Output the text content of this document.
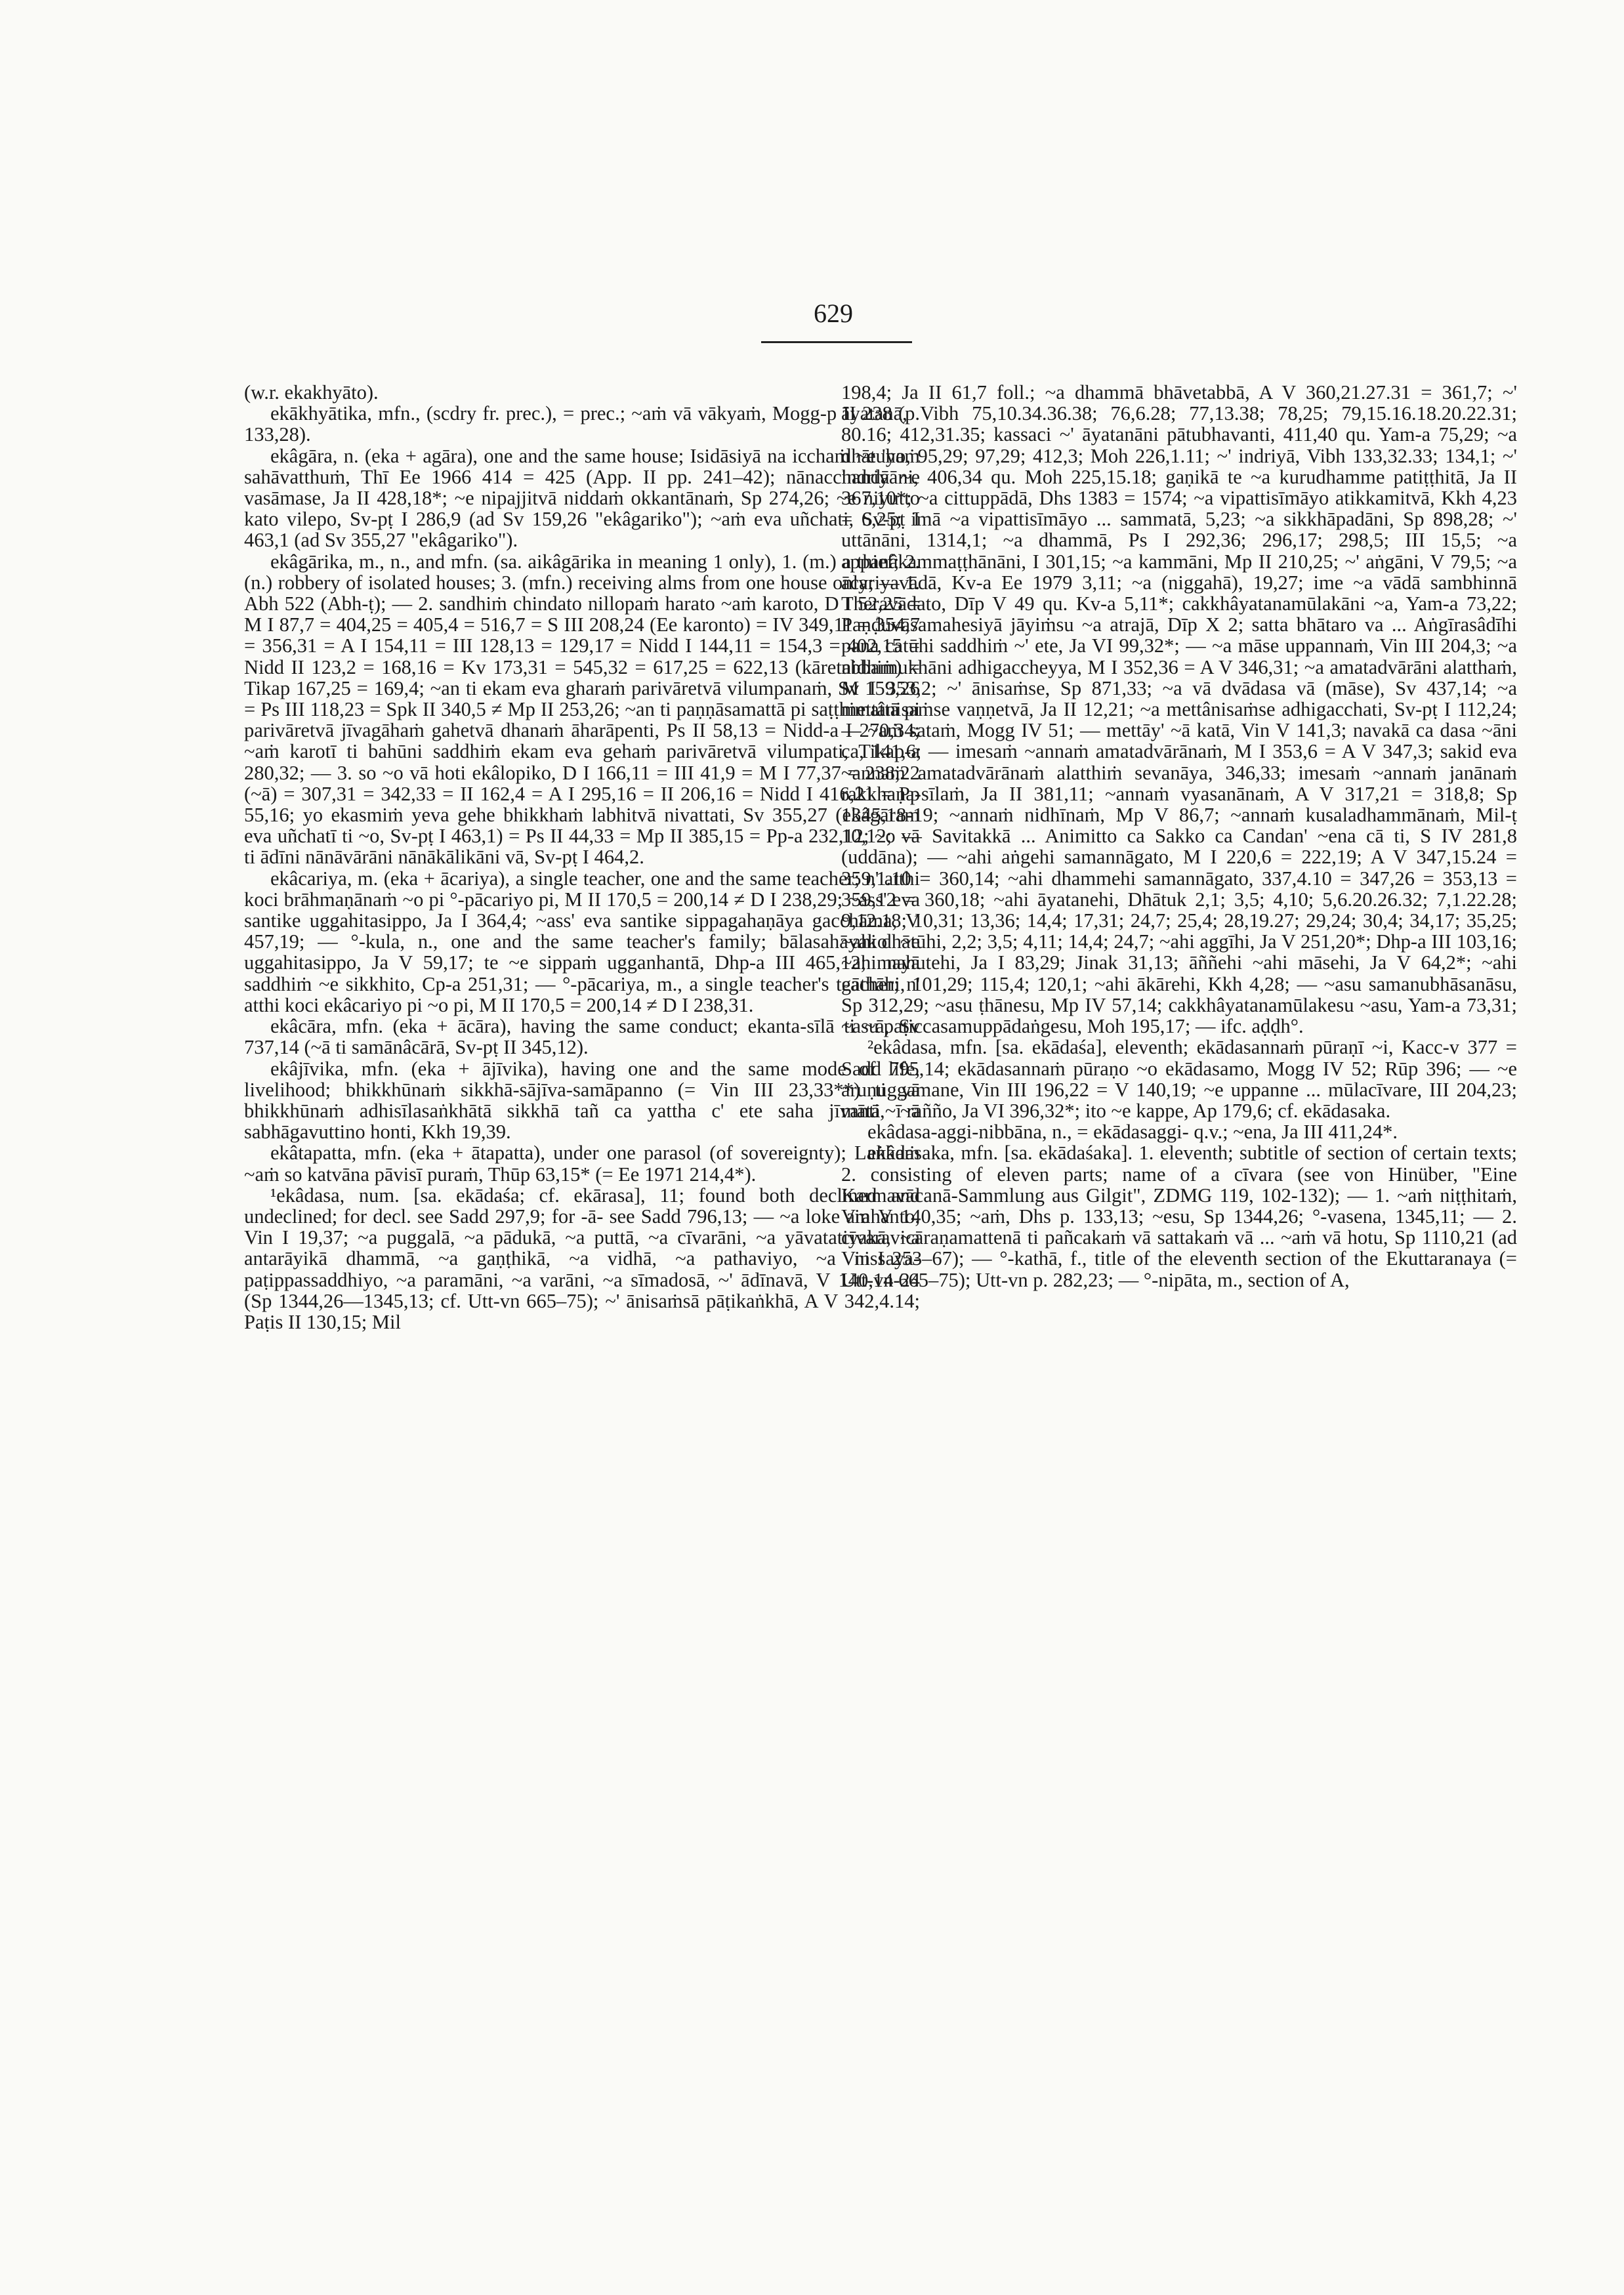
629

(w.r. ekakhyāto).

ekākhyātika, mfn., (scdry fr. prec.), = prec.; ~aṁ vā vākyaṁ, Mogg-p II 238 (p. 133,28).

ekâgāra, n. (eka + agāra), one and the same house; Isidāsiyā na icchaṁ ~e 'haṁ sahāvatthuṁ, Thī Ee 1966 414 = 425 (App. II pp. 241–42); nānacchandā ~e vasāmase, Ja II 428,18*; ~e nipajjitvā niddaṁ okkantānaṁ, Sp 274,26; ~e niyutto kato vilepo, Sv-pṭ I 286,9 (ad Sv 159,26 "ekâgariko"); ~aṁ eva uñchati, Sv-pṭ I 463,1 (ad Sv 355,27 "ekâgariko").

ekâgārika, m., n., and mfn. (sa. aikâgārika in meaning 1 only), 1. (m.) a thief; 2. (n.) robbery of isolated houses; 3. (mfn.) receiving alms from one house only; — 1. Abh 522 (Abh-ṭ); — 2. sandhiṁ chindato nillopaṁ harato ~aṁ karoto, D I 52,25 = M I 87,7 = 404,25 = 405,4 = 516,7 = S III 208,24 (Ee karonto) = IV 349,11 = 354,7 = 356,31 = A I 154,11 = III 128,13 = 129,17 = Nidd I 144,11 = 154,3 = 402,15 = Nidd II 123,2 = 168,16 = Kv 173,31 = 545,32 = 617,25 = 622,13 (kāretabbaṁ) = Tikap 167,25 = 169,4; ~an ti ekam eva gharaṁ parivāretvā vilumpanaṁ, Sv 159,26 = Ps III 118,23 = Spk II 340,5 ≠ Mp II 253,26; ~an ti paṇṇāsamattā pi saṭṭhimattā pi parivāretvā jīvagāhaṁ gahetvā dhanaṁ āharāpenti, Ps II 58,13 = Nidd-a I 270,34; ~aṁ karotī ti bahūni saddhiṁ ekam eva gehaṁ parivāretvā vilumpati, Tikap-a 280,32; — 3. so ~o vā hoti ekâlopiko, D I 166,11 = III 41,9 = M I 77,37 = 238,22 (~ā) = 307,31 = 342,33 = II 162,4 = A I 295,16 = II 206,16 = Nidd I 416,21 = Pp 55,16; yo ekasmiṁ yeva gehe bhikkhaṁ labhitvā nivattati, Sv 355,27 (ekâgāram eva uñchatī ti ~o, Sv-pṭ I 463,1) = Ps II 44,33 = Mp II 385,15 = Pp-a 232,12; ~o vā ti ādīni nānāvārāni nānākālikāni vā, Sv-pṭ I 464,2.

ekâcariya, m. (eka + ācariya), a single teacher, one and the same teacher; n' atthi koci brāhmaṇānaṁ ~o pi °-pācariyo pi, M II 170,5 = 200,14 ≠ D I 238,29; ~ass' eva santike uggahitasippo, Ja I 364,4; ~ass' eva santike sippagahaṇāya gacchāma, V 457,19; — °-kula, n., one and the same teacher's family; bālasahāyako ~e uggahitasippo, Ja V 59,17; te ~e sippaṁ ugganhantā, Dhp-a III 465,12; mayā saddhiṁ ~e sikkhito, Cp-a 251,31; — °-pācariya, m., a single teacher's teacher; n' atthi koci ekâcariyo pi ~o pi, M II 170,5 = 200,14 ≠ D I 238,31.

ekâcāra, mfn. (eka + ācāra), having the same conduct; ekanta-sīlā ti ~ā, Sv 737,14 (~ā ti samānâcārā, Sv-pṭ II 345,12).

ekâjīvika, mfn. (eka + ājīvika), having one and the same mode of life, livelihood; bhikkhūnaṁ sikkhā-sājīva-samāpanno (= Vin III 23,33**) ti yā bhikkhūnaṁ adhisīlasaṅkhātā sikkhā tañ ca yattha c' ete saha jīvanti, ~ā sabhāgavuttino honti, Kkh 19,39.

ekâtapatta, mfn. (eka + ātapatta), under one parasol (of sovereignty); Laṅkaṁ ~aṁ so katvāna pāvisī puraṁ, Thūp 63,15* (= Ee 1971 214,4*).

¹ekâdasa, num. [sa. ekādaśa; cf. ekārasa], 11; found both declined and undeclined; for decl. see Sadd 297,9; for -ā- see Sadd 796,13; — ~a loke arahanto, Vin I 19,37; ~a puggalā, ~a pādukā, ~a puttā, ~a cīvarāni, ~a yāvatatiyakā, ~a antarāyikā dhammā, ~a gaṇṭhikā, ~a vidhā, ~a pathaviyo, ~a nissaya-paṭippassaddhiyo, ~a paramāni, ~a varāni, ~a sīmadosā, ~' ādīnavā, V 140,14-24 (Sp 1344,26—1345,13; cf. Utt-vn 665–75); ~' ānisaṁsā pāṭikaṅkhā, A V 342,4.14; Paṭis II 130,15; Mil

198,4; Ja II 61,7 foll.; ~a dhammā bhāvetabbā, A V 360,21.27.31 = 361,7; ~' āyatanā, Vibh 75,10.34.36.38; 76,6.28; 77,13.38; 78,25; 79,15.16.18.20.22.31; 80.16; 412,31.35; kassaci ~' āyatanāni pātubhavanti, 411,40 qu. Yam-a 75,29; ~a dhātuyo, 95,29; 97,29; 412,3; Moh 226,1.11; ~' indriyā, Vibh 133,32.33; 134,1; ~' indriyāni, 406,34 qu. Moh 225,15.18; gaṇikā te ~a kurudhamme patiṭṭhitā, Ja II 367,10*; ~a cittuppādā, Dhs 1383 = 1574; ~a vipattisīmāyo atikkamitvā, Kkh 4,23 = 6,25; imā ~a vipattisīmāyo ... sammatā, 5,23; ~a sikkhāpadāni, Sp 898,28; ~' uttānāni, 1314,1; ~a dhammā, Ps I 292,36; 296,17; 298,5; III 15,5; ~a appanâkammaṭṭhānāni, I 301,15; ~a kammāni, Mp II 210,25; ~' aṅgāni, V 79,5; ~a ācariyavādā, Kv-a Ee 1979 3,11; ~a (niggahā), 19,27; ime ~a vādā sambhinnā Theravādato, Dīp V 49 qu. Kv-a 5,11*; cakkhâyatanamūlakāni ~a, Yam-a 73,22; Paṇḍuvāsamahesiyā jāyiṁsu ~a atrajā, Dīp X 2; satta bhātaro va ... Aṅgīrasâdīhi pana catūhi saddhiṁ ~' ete, Ja VI 99,32*; — ~a māse uppannaṁ, Vin III 204,3; ~a nidhimukhāni adhigaccheyya, M I 352,36 = A V 346,31; ~a amatadvārāni alatthaṁ, M I 353,2; ~' ānisaṁse, Sp 871,33; ~a vā dvādasa vā (māse), Sv 437,14; ~a mettânisaṁse vaṇṇetvā, Ja II 12,21; ~a mettânisaṁse adhigacchati, Sv-pṭ I 112,24; — ~aṁ sataṁ, Mogg IV 51; — mettāy' ~ā katā, Vin V 141,3; navakā ca dasa ~āni ca, 141,6; — imesaṁ ~annaṁ amatadvārānaṁ, M I 353,6 = A V 347,3; sakid eva ~annaṁ amatadvārānaṁ alatthiṁ sevanāya, 346,33; imesaṁ ~annaṁ janānaṁ rakkhaṇa-sīlaṁ, Ja II 381,11; ~annaṁ vyasanānaṁ, A V 317,21 = 318,8; Sp 1345,18-19; ~annaṁ nidhīnaṁ, Mp V 86,7; ~annaṁ kusaladhammānaṁ, Mil-ṭ 10,12; — Savitakkā ... Animitto ca Sakko ca Candan' ~ena cā ti, S IV 281,8 (uddāna); — ~ahi aṅgehi samannāgato, M I 220,6 = 222,19; A V 347,15.24 = 359,1.10 = 360,14; ~ahi dhammehi samannāgato, 337,4.10 = 347,26 = 353,13 = 359,12 = 360,18; ~ahi āyatanehi, Dhātuk 2,1; 3,5; 4,10; 5,6.20.26.32; 7,1.22.28; 9,12.18; 10,31; 13,36; 14,4; 17,31; 24,7; 25,4; 28,19.27; 29,24; 30,4; 34,17; 35,25; ~ahi dhātūhi, 2,2; 3,5; 4,11; 14,4; 24,7; ~ahi aggīhi, Ja V 251,20*; Dhp-a III 103,16; ~ahi nahutehi, Ja I 83,29; Jinak 31,13; āññehi ~ahi māsehi, Ja V 64,2*; ~ahi gāthāhi, 101,29; 115,4; 120,1; ~ahi ākārehi, Kkh 4,28; — ~asu samanubhāsanāsu, Sp 312,29; ~asu ṭhānesu, Mp IV 57,14; cakkhâyatanamūlakesu ~asu, Yam-a 73,31; ~asu paṭiccasamuppādaṅgesu, Moh 195,17; — ifc. aḍḍh°.

²ekâdasa, mfn. [sa. ekādaśa], eleventh; ekādasannaṁ pūraṇī ~i, Kacc-v 377 = Sadd 795,14; ekādasannaṁ pūraṇo ~o ekādasamo, Mogg IV 52; Rūp 396; — ~e aruṇuggamane, Vin III 196,22 = V 140,19; ~e uppanne ... mūlacīvare, III 204,23; mātā ~ī rañño, Ja VI 396,32*; ito ~e kappe, Ap 179,6; cf. ekādasaka.

ekâdasa-aggi-nibbāna, n., = ekādasaggi- q.v.; ~ena, Ja III 411,24*.

ekâdasaka, mfn. [sa. ekādaśaka]. 1. eleventh; subtitle of section of certain texts; 2. consisting of eleven parts; name of a cīvara (see von Hinüber, "Eine Karmavācanā-Sammlung aus Gilgit", ZDMG 119, 102-132); — 1. ~aṁ niṭṭhitaṁ, Vin V 140,35; ~aṁ, Dhs p. 133,13; ~esu, Sp 1344,26; °-vasena, 1345,11; — 2. cīvaravicāraṇamattenā ti pañcakaṁ vā sattakaṁ vā ... ~aṁ vā hotu, Sp 1110,21 (ad Vin I 253–67); — °-kathā, f., title of the eleventh section of the Ekuttaranaya (= Utt-vn 665–75); Utt-vn p. 282,23; — °-nipāta, m., section of A,
